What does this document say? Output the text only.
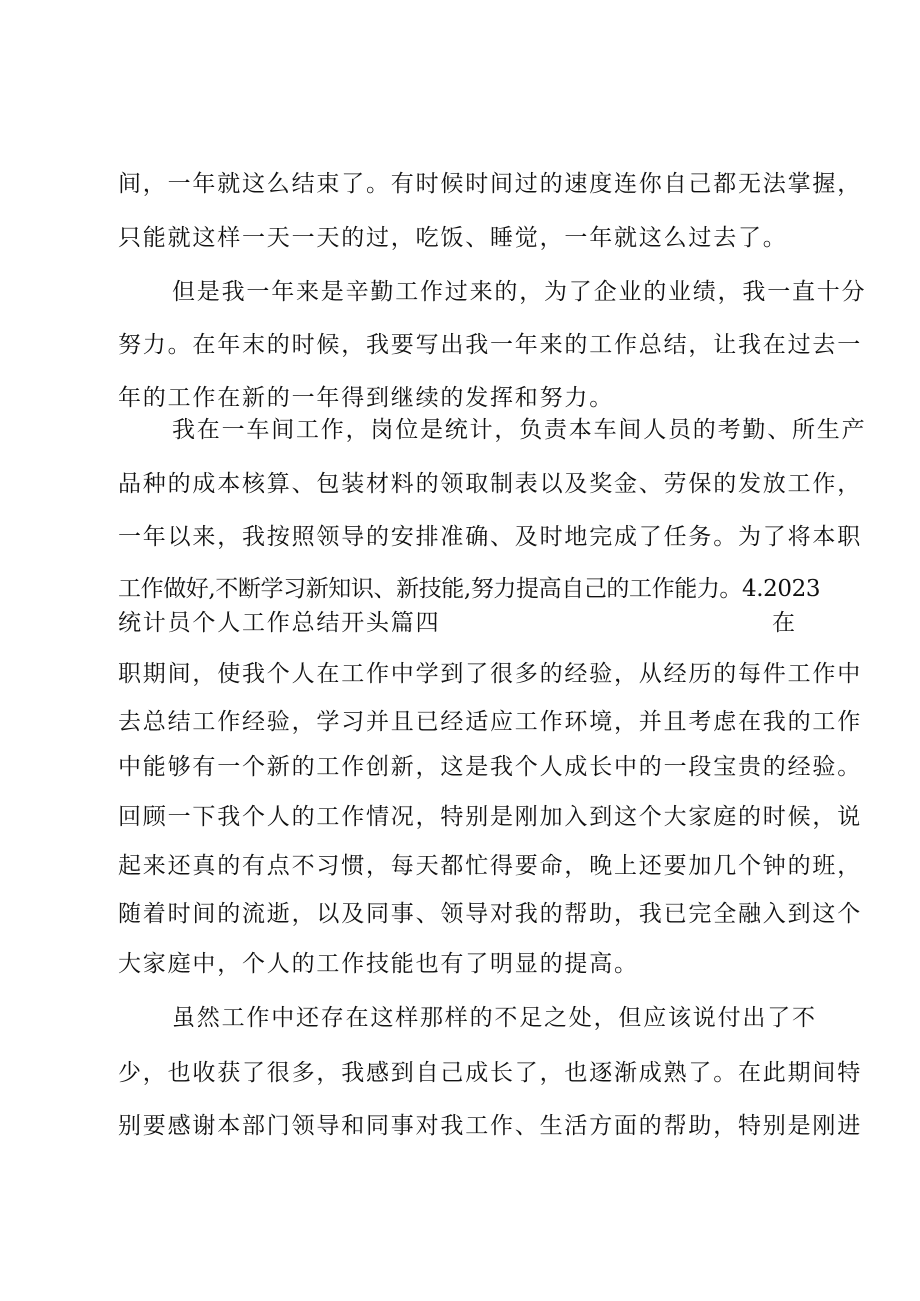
间，一年就这么结束了。有时候时间过的速度连你自己都无法掌握，
只能就这样一天一天的过，吃饭、睡觉，一年就这么过去了。
但是我一年来是辛勤工作过来的，为了企业的业绩，我一直十分
努力。在年末的时候，我要写出我一年来的工作总结，让我在过去一
年的工作在新的一年得到继续的发挥和努力。
我在一车间工作，岗位是统计，负责本车间人员的考勤、所生产
品种的成本核算、包装材料的领取制表以及奖金、劳保的发放工作，
一年以来，我按照领导的安排准确、及时地完成了任务。为了将本职
工作做好,不断学习新知识、新技能,努力提高自己的工作能力。4.2023
统计员个人工作总结开头篇四	在
职期间，使我个人在工作中学到了很多的经验，从经历的每件工作中
去总结工作经验，学习并且已经适应工作环境，并且考虑在我的工作
中能够有一个新的工作创新，这是我个人成长中的一段宝贵的经验。
回顾一下我个人的工作情况，特别是刚加入到这个大家庭的时候，说
起来还真的有点不习惯，每天都忙得要命，晚上还要加几个钟的班，
随着时间的流逝，以及同事、领导对我的帮助，我已完全融入到这个
大家庭中，个人的工作技能也有了明显的提高。
虽然工作中还存在这样那样的不足之处，但应该说付出了不
少，也收获了很多，我感到自己成长了，也逐渐成熟了。在此期间特
别要感谢本部门领导和同事对我工作、生活方面的帮助，特别是刚进
